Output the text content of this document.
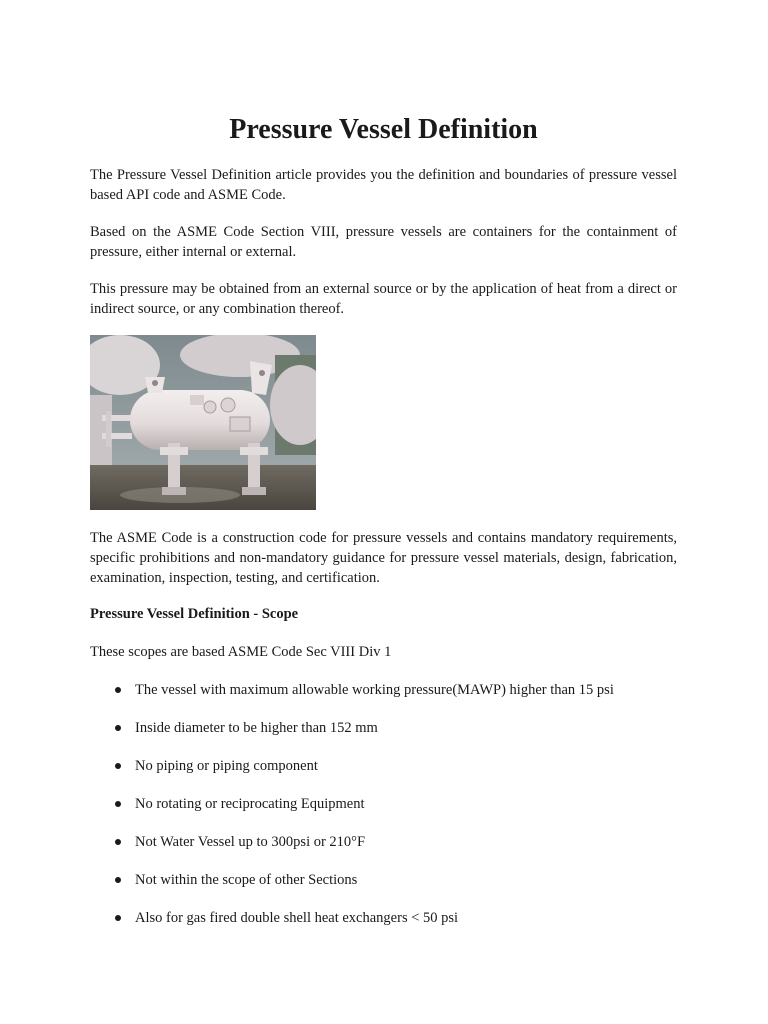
Pressure Vessel Definition

The Pressure Vessel Definition article provides you the definition and boundaries of pressure vessel based API code and ASME Code.

Based on the ASME Code Section VIII, pressure vessels are containers for the containment of pressure, either internal or external.

This pressure may be obtained from an external source or by the application of heat from a direct or indirect source, or any combination thereof.

The ASME Code is a construction code for pressure vessels and contains mandatory requirements, specific prohibitions and non-mandatory guidance for pressure vessel materials, design, fabrication, examination, inspection, testing, and certification.

Pressure Vessel Definition - Scope

These scopes are based ASME Code Sec VIII Div 1

The vessel with maximum allowable working pressure(MAWP) higher than 15 psi
Inside diameter to be higher than 152 mm
No piping or piping component
No rotating or reciprocating Equipment
Not Water Vessel up to 300psi or 210°F
Not within the scope of other Sections
Also for gas fired double shell heat exchangers < 50 psi
